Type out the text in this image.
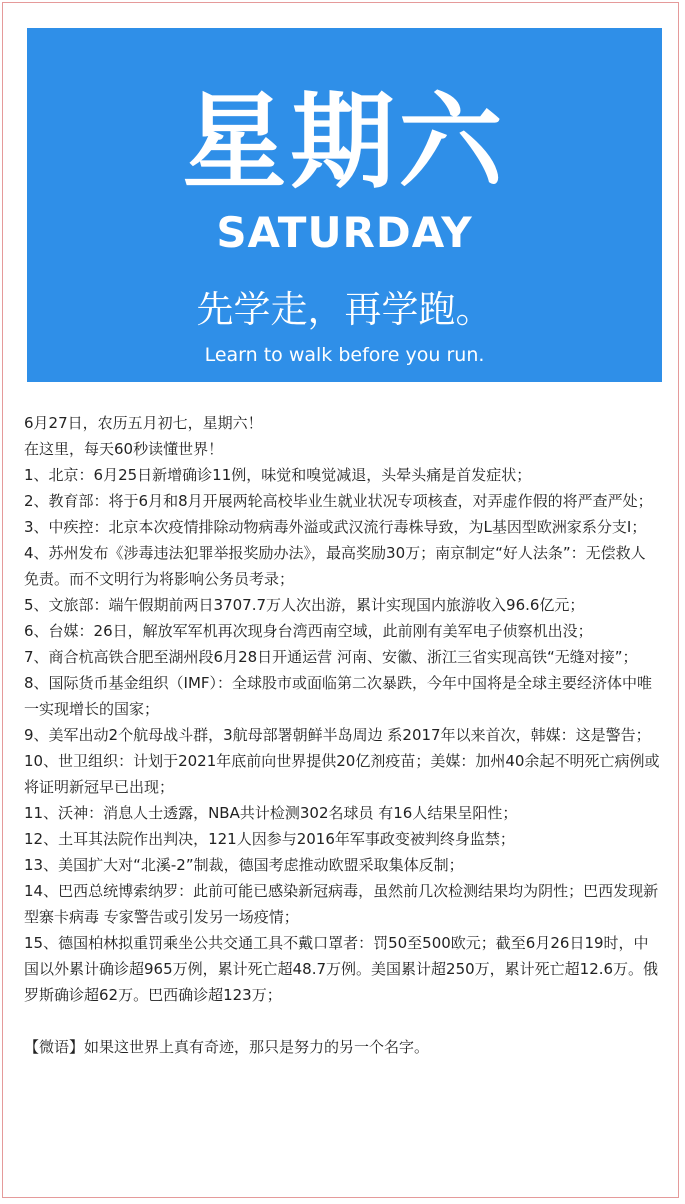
星期六
SATURDAY
先学走，再学跑。
Learn to walk before you run.

6月27日，农历五月初七，星期六！

在这里，每天60秒读懂世界！

1、北京：6月25日新增确诊11例，味觉和嗅觉减退，头晕头痛是首发症状；

2、教育部：将于6月和8月开展两轮高校毕业生就业状况专项核查，对弄虚作假的将严查严处；

3、中疾控：北京本次疫情排除动物病毒外溢或武汉流行毒株导致，为L基因型欧洲家系分支Ⅰ；

4、苏州发布《涉毒违法犯罪举报奖励办法》，最高奖励30万；南京制定“好人法条”：无偿救人免责。而不文明行为将影响公务员考录；

5、文旅部：端午假期前两日3707.7万人次出游，累计实现国内旅游收入96.6亿元；

6、台媒：26日，解放军军机再次现身台湾西南空域，此前刚有美军电子侦察机出没；

7、商合杭高铁合肥至湖州段6月28日开通运营 河南、安徽、浙江三省实现高铁“无缝对接”；

8、国际货币基金组织（IMF）：全球股市或面临第二次暴跌，今年中国将是全球主要经济体中唯一实现增长的国家；

9、美军出动2个航母战斗群，3航母部署朝鲜半岛周边 系2017年以来首次，韩媒：这是警告；

10、世卫组织：计划于2021年底前向世界提供20亿剂疫苗；美媒：加州40余起不明死亡病例或将证明新冠早已出现；

11、沃神：消息人士透露，NBA共计检测302名球员 有16人结果呈阳性；

12、土耳其法院作出判决，121人因参与2016年军事政变被判终身监禁；

13、美国扩大对“北溪-2”制裁，德国考虑推动欧盟采取集体反制；

14、巴西总统博索纳罗：此前可能已感染新冠病毒，虽然前几次检测结果均为阴性；巴西发现新型寨卡病毒 专家警告或引发另一场疫情；

15、德国柏林拟重罚乘坐公共交通工具不戴口罩者：罚50至500欧元；截至6月26日19时，中国以外累计确诊超965万例，累计死亡超48.7万例。美国累计超250万，累计死亡超12.6万。俄罗斯确诊超62万。巴西确诊超123万；

【微语】如果这世界上真有奇迹，那只是努力的另一个名字。
